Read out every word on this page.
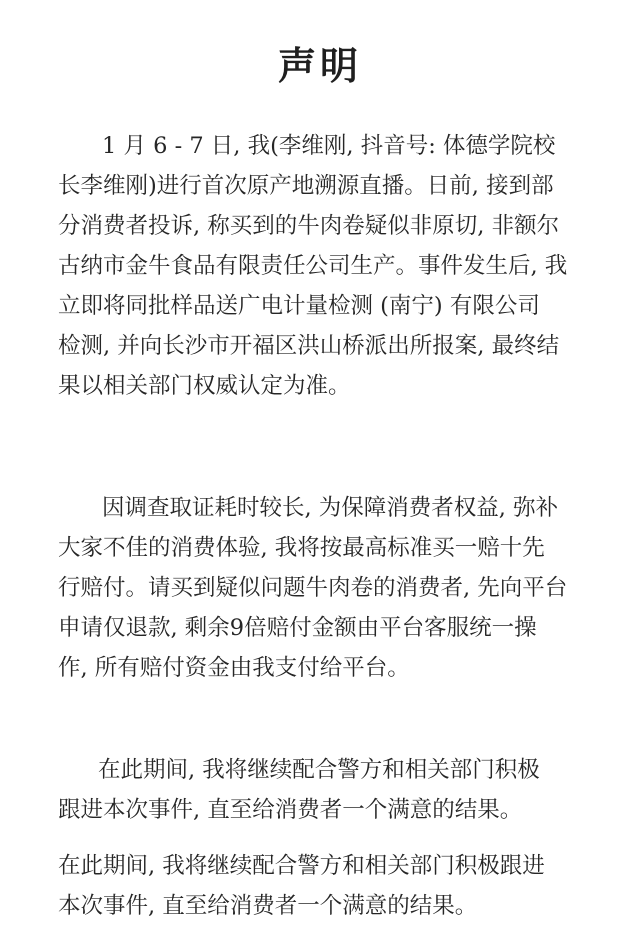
声明
1 月 6 - 7 日, 我(李维刚, 抖音号: 体德学院校
长李维刚)进行首次原产地溯源直播。日前, 接到部
分消费者投诉, 称买到的牛肉卷疑似非原切, 非额尔
古纳市金牛食品有限责任公司生产。事件发生后, 我
立即将同批样品送广电计量检测 (南宁) 有限公司
检测, 并向长沙市开福区洪山桥派出所报案, 最终结
果以相关部门权威认定为准。
因调查取证耗时较长, 为保障消费者权益, 弥补
大家不佳的消费体验, 我将按最高标准买一赔十先
行赔付。请买到疑似问题牛肉卷的消费者, 先向平台
申请仅退款, 剩余9倍赔付金额由平台客服统一操
作, 所有赔付资金由我支付给平台。
在此期间, 我将继续配合警方和相关部门积极
跟进本次事件, 直至给消费者一个满意的结果。
在此期间, 我将继续配合警方和相关部门积极跟进
本次事件, 直至给消费者一个满意的结果。
